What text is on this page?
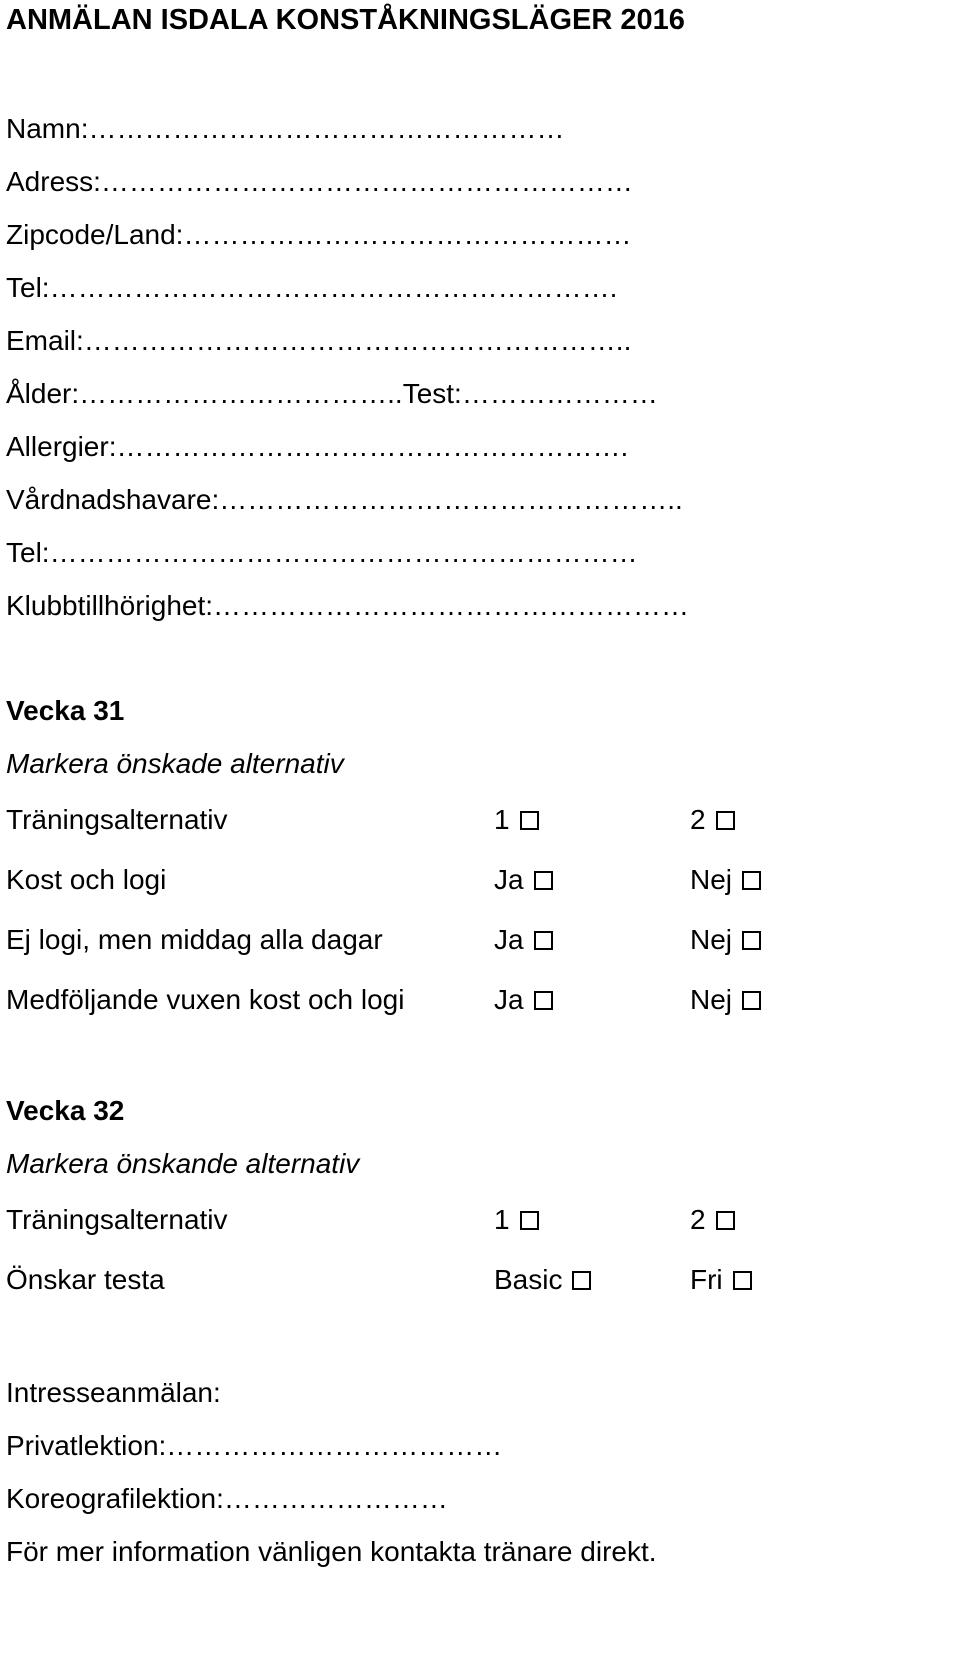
ANMÄLAN ISDALA KONSTÅKNINGSLÄGER 2016
Namn:……………………………………………
Adress:…………………………………………………
Zipcode/Land:…………………………………………
Tel:…………………………………………………….
Email:…………………………………………………..
Ålder:……………………………..Test:…………………
Allergier:……………………………………………….
Vårdnadshavare:…………………………………………..
Tel:………………………………………………………
Klubbtillhörighet:……………………………………………
Vecka 31
Markera önskade alternativ
Träningsalternativ	1	2
Kost och logi	Ja	Nej
Ej logi, men middag alla dagar	Ja	Nej
Medföljande vuxen kost och logi	Ja	Nej
Vecka 32
Markera önskande alternativ
Träningsalternativ	1	2
Önskar testa	Basic	Fri
Intresseanmälan:
Privatlektion:………………………………
Koreografilektion:……………………
För mer information vänligen kontakta tränare direkt.
